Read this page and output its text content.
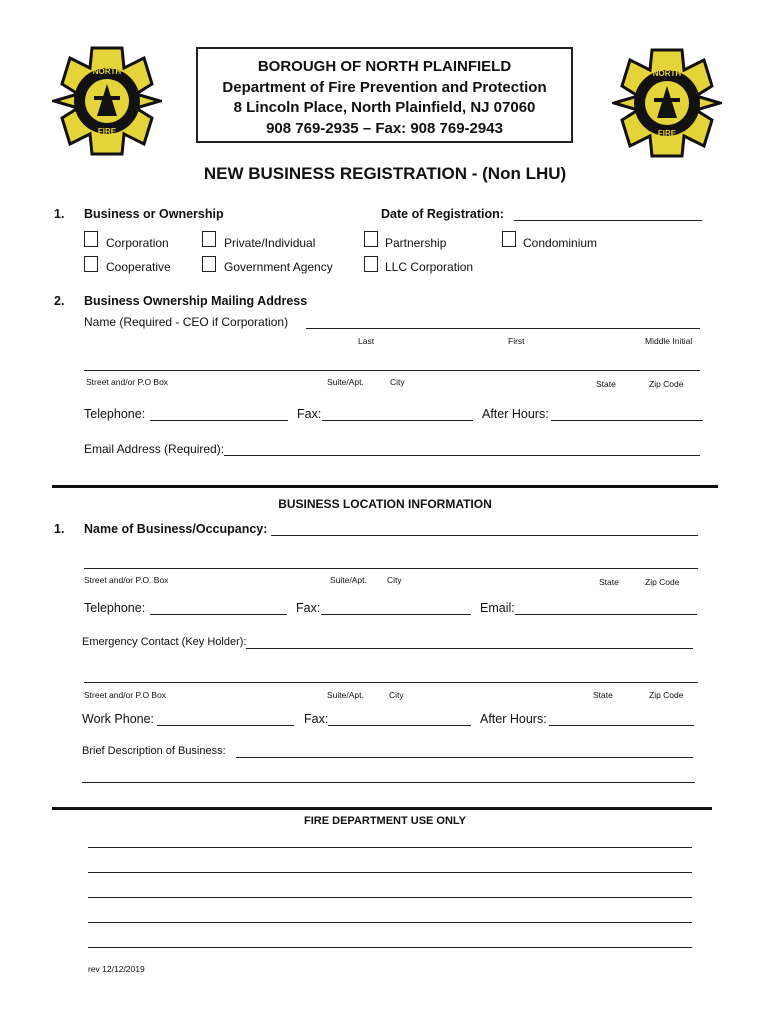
NORTH
FIRE
NORTH
FIRE
BOROUGH OF NORTH PLAINFIELD
Department of Fire Prevention and Protection
8 Lincoln Place, North Plainfield, NJ 07060
908 769-2935 – Fax: 908 769-2943
NEW BUSINESS REGISTRATION - (Non LHU)
1. Business or Ownership	Date of Registration:
Corporation	Private/Individual	Partnership	Condominium
Cooperative	Government Agency	LLC Corporation
2. Business Ownership Mailing Address
Name (Required - CEO if Corporation)
Last	First	Middle Initial
Street and/or P.O Box	Suite/Apt.	City	State	Zip Code
Telephone:	Fax:	After Hours:
Email Address (Required):
BUSINESS LOCATION INFORMATION
1. Name of Business/Occupancy:
Street and/or P.O. Box	Suite/Apt. City	State	Zip Code
Telephone:	Fax:	Email:
Emergency Contact (Key Holder):
Street and/or P.O Box	Suite/Apt.	City	State	Zip Code
Work Phone:	Fax:	After Hours:
Brief Description of Business:
FIRE DEPARTMENT USE ONLY
rev 12/12/2019
